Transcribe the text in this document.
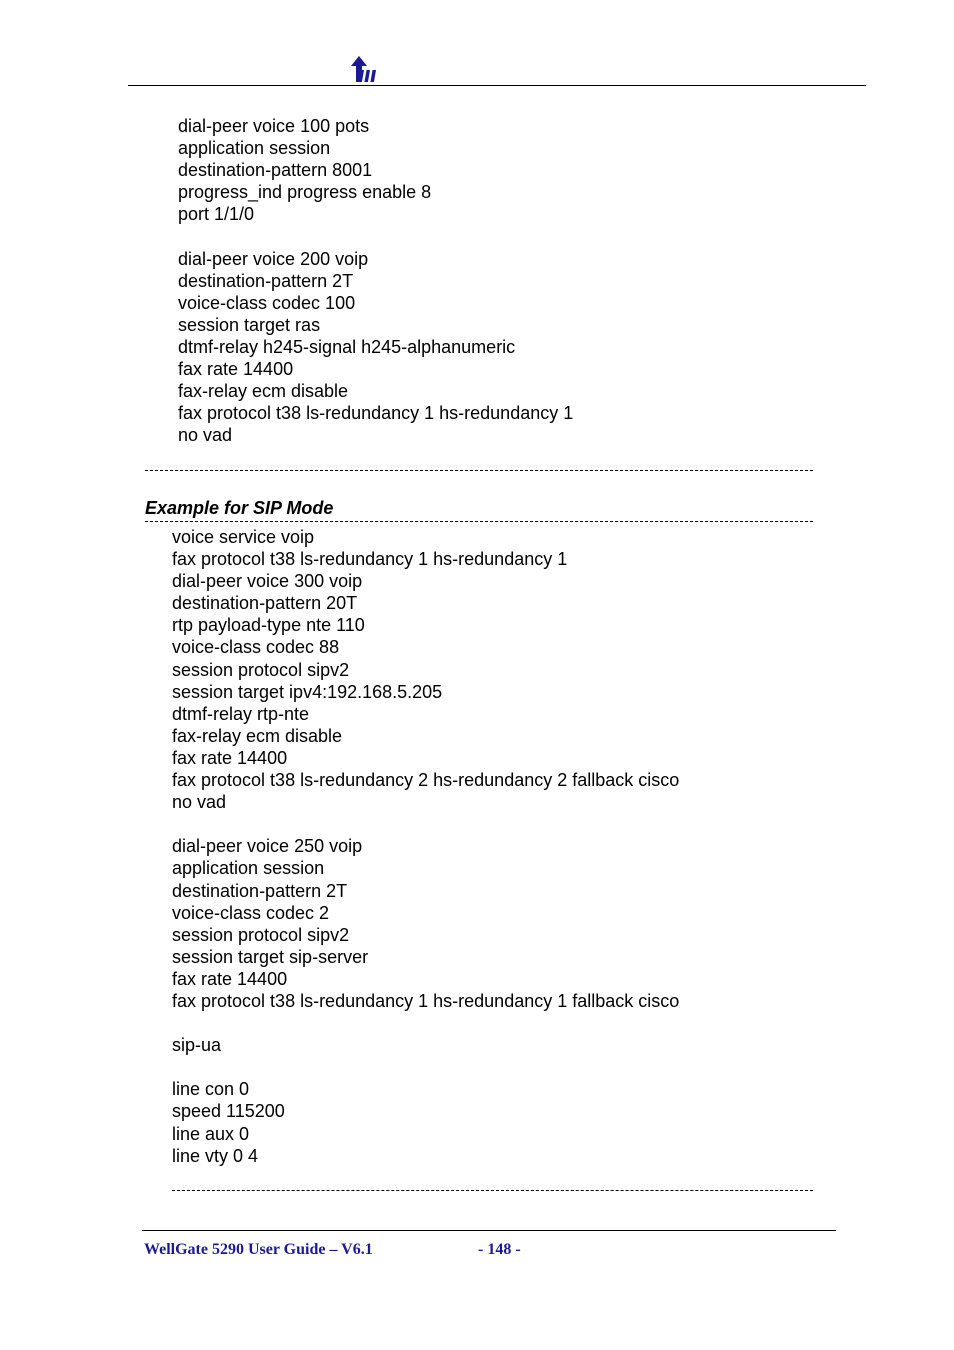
dial-peer voice 100 pots
application session
destination-pattern 8001
progress_ind progress enable 8
port 1/1/0
dial-peer voice 200 voip
destination-pattern 2T
voice-class codec 100
session target ras
dtmf-relay h245-signal h245-alphanumeric
fax rate 14400
fax-relay ecm disable
fax protocol t38 ls-redundancy 1 hs-redundancy 1
no vad
Example for SIP Mode
voice service voip
fax protocol t38 ls-redundancy 1 hs-redundancy 1
dial-peer voice 300 voip
destination-pattern 20T
rtp payload-type nte 110
voice-class codec 88
session protocol sipv2
session target ipv4:192.168.5.205
dtmf-relay rtp-nte
fax-relay ecm disable
fax rate 14400
fax protocol t38 ls-redundancy 2 hs-redundancy 2 fallback cisco
no vad
dial-peer voice 250 voip
application session
destination-pattern 2T
voice-class codec 2
session protocol sipv2
session target sip-server
fax rate 14400
fax protocol t38 ls-redundancy 1 hs-redundancy 1 fallback cisco
sip-ua
line con 0
speed 115200
line aux 0
line vty 0 4
WellGate 5290 User Guide – V6.1	- 148 -
